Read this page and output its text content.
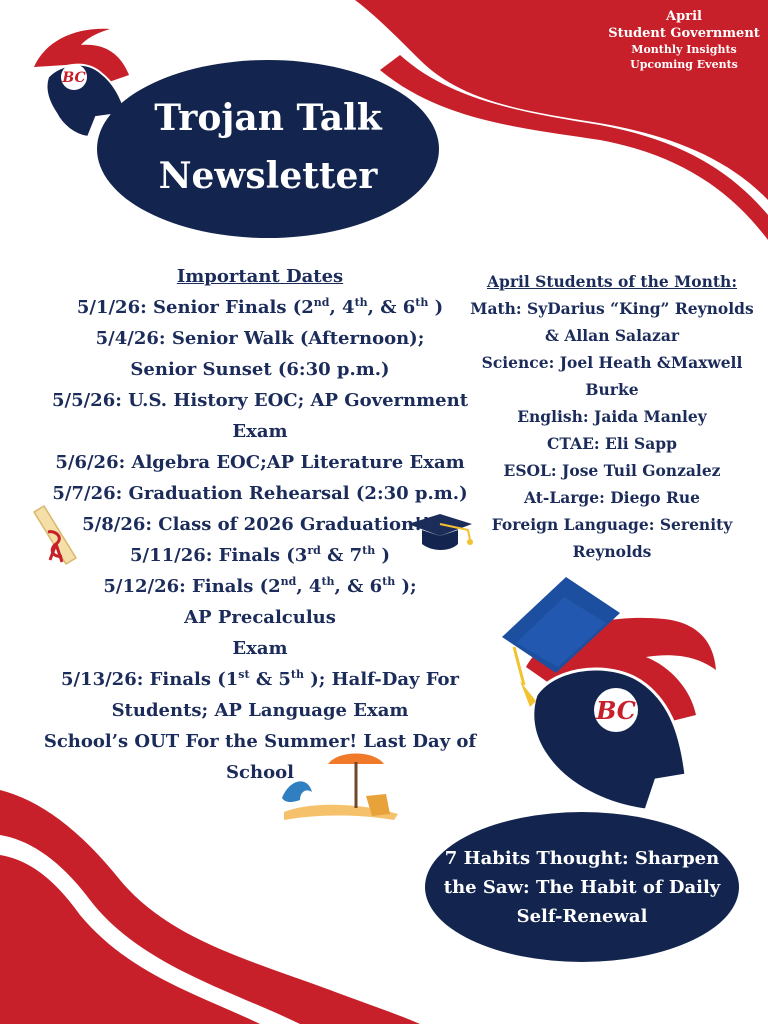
BC
BC
April
Student Government
Monthly Insights Upcoming Events
Trojan Talk
Newsletter
Important Dates
5/1/26: Senior Finals (2nd, 4th, & 6th )
5/4/26: Senior Walk (Afternoon);
Senior Sunset (6:30 p.m.)
5/5/26: U.S. History EOC; AP Government
Exam
5/6/26: Algebra EOC;AP Literature Exam
5/7/26: Graduation Rehearsal (2:30 p.m.)
5/8/26: Class of 2026 Graduation!!!
5/11/26: Finals (3rd & 7th )
5/12/26: Finals (2nd, 4th, & 6th );
AP Precalculus
Exam
5/13/26: Finals (1st & 5th ); Half-Day For
Students; AP Language Exam
School’s OUT For the Summer! Last Day of
School
April Students of the Month:
Math: SyDarius “King” Reynolds
& Allan Salazar
Science: Joel Heath &Maxwell
Burke
English: Jaida Manley
CTAE: Eli Sapp
ESOL: Jose Tuil Gonzalez
At-Large: Diego Rue
Foreign Language: Serenity
Reynolds
7 Habits Thought: Sharpen
the Saw: The Habit of Daily
Self-Renewal
